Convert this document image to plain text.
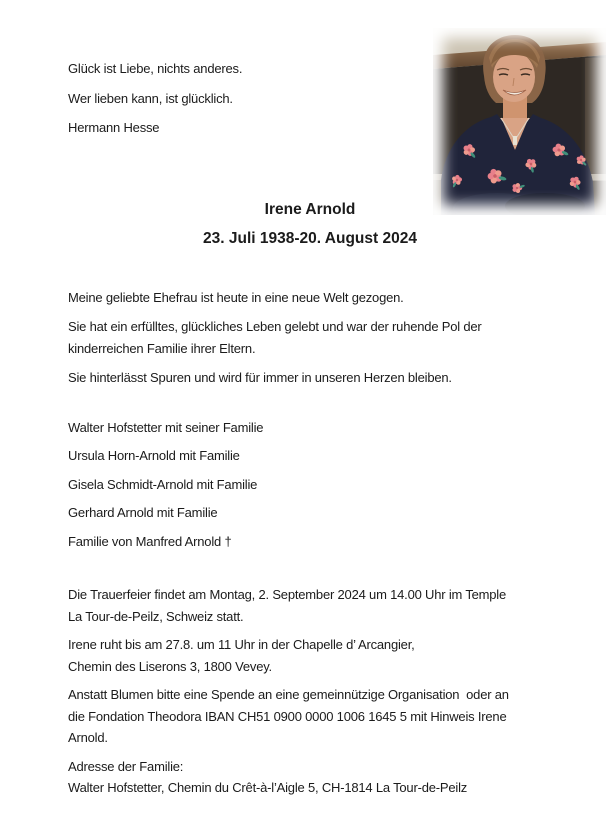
Glück ist Liebe, nichts anderes.
Wer lieben kann, ist glücklich.
Hermann Hesse
Irene Arnold
23. Juli 1938-20. August 2024
Meine geliebte Ehefrau ist heute in eine neue Welt gezogen.
Sie hat ein erfülltes, glückliches Leben gelebt und war der ruhende Pol der
kinderreichen Familie ihrer Eltern.
Sie hinterlässt Spuren und wird für immer in unseren Herzen bleiben.
Walter Hofstetter mit seiner Familie
Ursula Horn-Arnold mit Familie
Gisela Schmidt-Arnold mit Familie
Gerhard Arnold mit Familie
Familie von Manfred Arnold †
Die Trauerfeier findet am Montag, 2. September 2024 um 14.00 Uhr im Temple
La Tour-de-Peilz, Schweiz statt.
Irene ruht bis am 27.8. um 11 Uhr in der Chapelle d’ Arcangier,
Chemin des Liserons 3, 1800 Vevey.
Anstatt Blumen bitte eine Spende an eine gemeinnützige Organisation  oder an
die Fondation Theodora IBAN CH51 0900 0000 1006 1645 5 mit Hinweis Irene
Arnold.
Adresse der Familie:
Walter Hofstetter, Chemin du Crêt-à-l’Aigle 5, CH-1814 La Tour-de-Peilz
